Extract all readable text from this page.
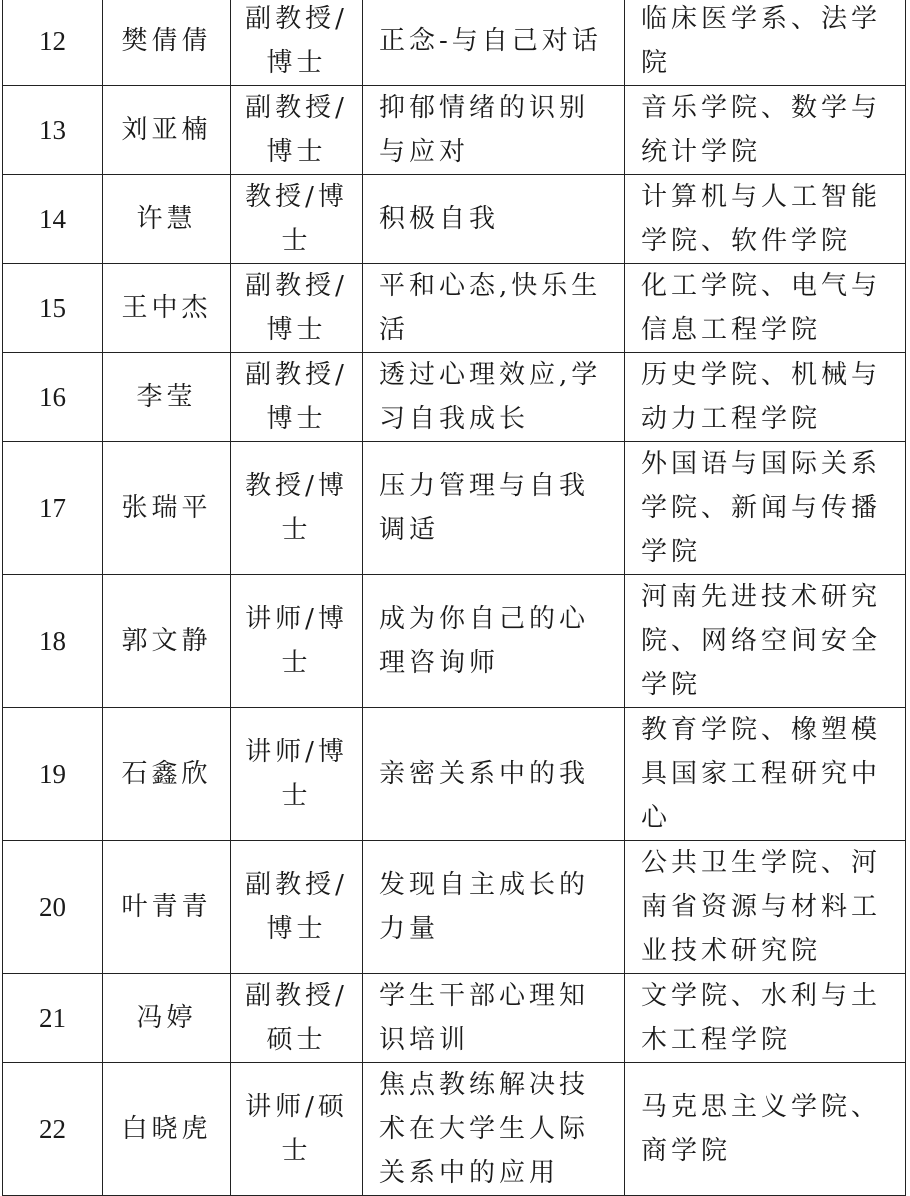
12	樊倩倩	副教授/博士	正念-与自己对话	临床医学系、法学院

13	刘亚楠	副教授/博士	抑郁情绪的识别与应对	音乐学院、数学与统计学院

14	许慧	教授/博士	积极自我	计算机与人工智能学院、软件学院

15	王中杰	副教授/博士	平和心态,快乐生活	化工学院、电气与信息工程学院

16	李莹	副教授/博士	透过心理效应,学习自我成长	历史学院、机械与动力工程学院

17	张瑞平	教授/博士	压力管理与自我调适	外国语与国际关系学院、新闻与传播学院

18	郭文静	讲师/博士	成为你自己的心理咨询师	河南先进技术研究院、网络空间安全学院

19	石鑫欣	讲师/博士	亲密关系中的我	教育学院、橡塑模具国家工程研究中心

20	叶青青	副教授/博士	发现自主成长的力量	公共卫生学院、河南省资源与材料工业技术研究院

21	冯婷	副教授/硕士	学生干部心理知识培训	文学院、水利与土木工程学院

22	白晓虎	讲师/硕士	焦点教练解决技术在大学生人际关系中的应用	马克思主义学院、商学院
